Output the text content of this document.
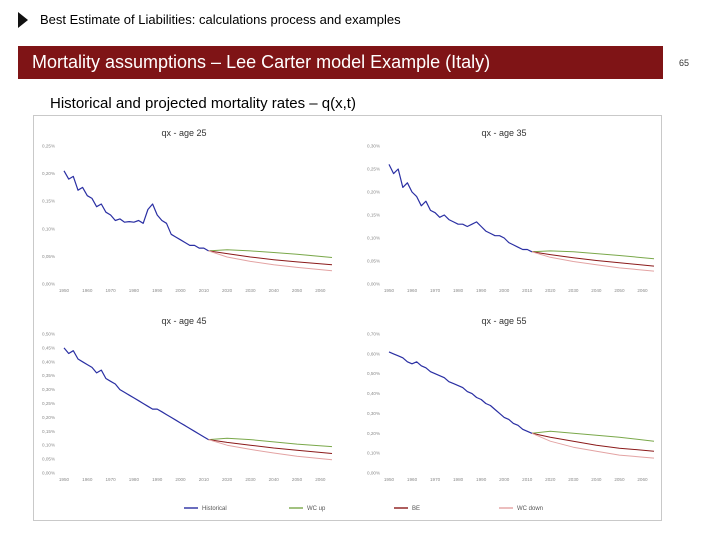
Best Estimate of Liabilities: calculations process and examples
Mortality assumptions – Lee Carter model Example (Italy)	65
Historical and projected mortality rates – q(x,t)
qx - age 25
0,00%
0,05%
0,10%
0,15%
0,20%
0,25%
1950	1960	1970	1980	1990	2000	2010	2020	2030	2040	2050	2060
qx - age 35
0,00%
0,05%
0,10%
0,15%
0,20%
0,25%
0,30%
1950	1960	1970	1980	1990	2000	2010	2020	2030	2040	2050	2060
qx - age 45
0,00%
0,05%
0,10%
0,15%
0,20%
0,25%
0,30%
0,35%
0,40%
0,45%
0,50%
1950	1960	1970	1980	1990	2000	2010	2020	2030	2040	2050	2060
qx - age 55
0,00%
0,10%
0,20%
0,30%
0,40%
0,50%
0,60%
0,70%
1950	1960	1970	1980	1990	2000	2010	2020	2030	2040	2050	2060
Historical	WC up	BE	WC down
